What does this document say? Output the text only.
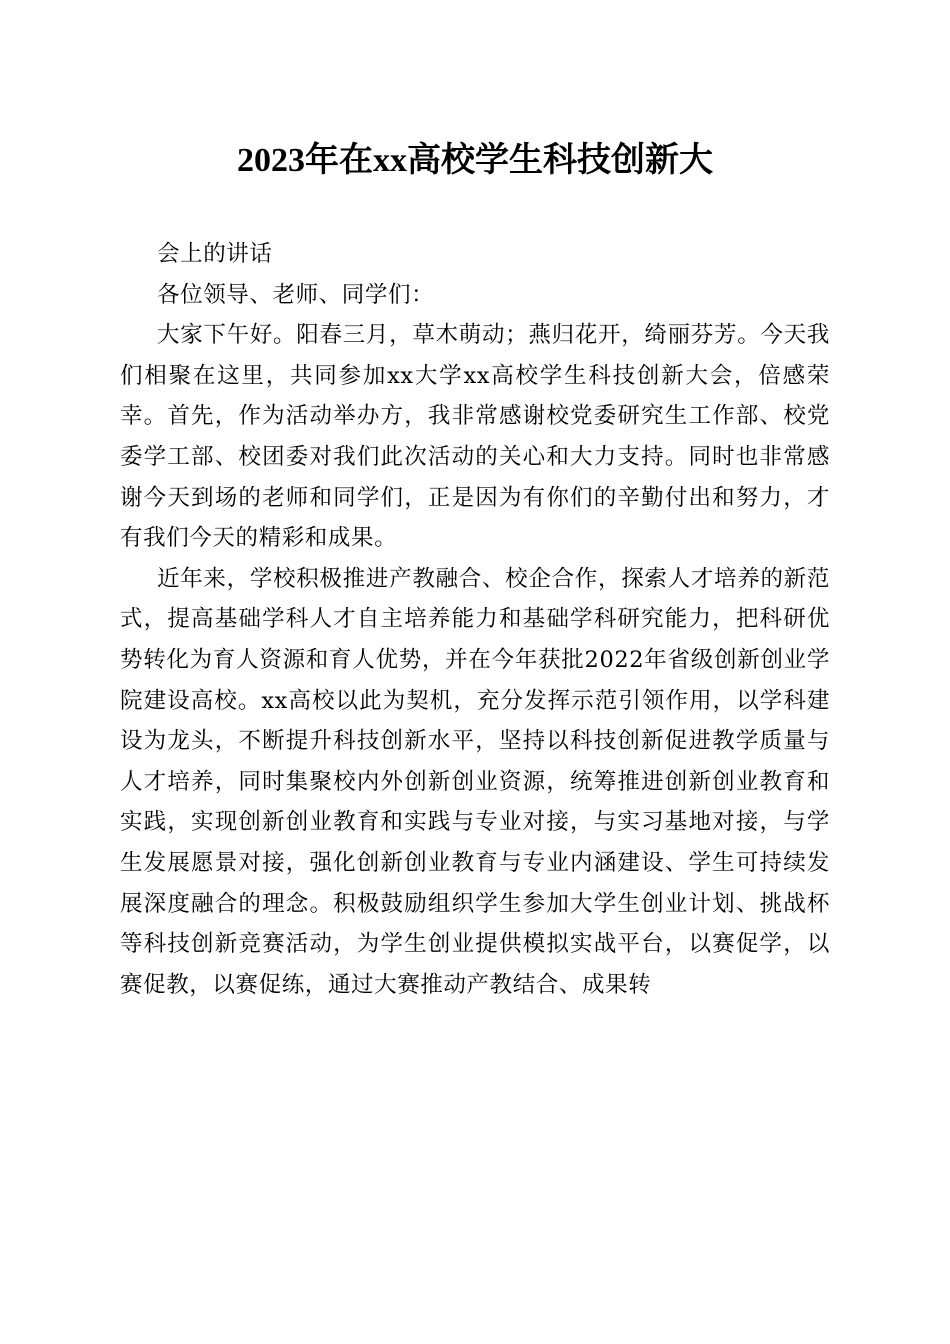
2023年在xx高校学生科技创新大

会上的讲话

各位领导、老师、同学们：

大家下午好。阳春三月，草木萌动；燕归花开，绮丽芬芳。今天我们相聚在这里，共同参加xx大学xx高校学生科技创新大会，倍感荣幸。首先，作为活动举办方，我非常感谢校党委研究生工作部、校党委学工部、校团委对我们此次活动的关心和大力支持。同时也非常感谢今天到场的老师和同学们，正是因为有你们的辛勤付出和努力，才有我们今天的精彩和成果。

近年来，学校积极推进产教融合、校企合作，探索人才培养的新范式，提高基础学科人才自主培养能力和基础学科研究能力，把科研优势转化为育人资源和育人优势，并在今年获批2022年省级创新创业学院建设高校。xx高校以此为契机，充分发挥示范引领作用，以学科建设为龙头，不断提升科技创新水平，坚持以科技创新促进教学质量与人才培养，同时集聚校内外创新创业资源，统筹推进创新创业教育和实践，实现创新创业教育和实践与专业对接，与实习基地对接，与学生发展愿景对接，强化创新创业教育与专业内涵建设、学生可持续发展深度融合的理念。积极鼓励组织学生参加大学生创业计划、挑战杯等科技创新竞赛活动，为学生创业提供模拟实战平台，以赛促学，以赛促教，以赛促练，通过大赛推动产教结合、成果转
